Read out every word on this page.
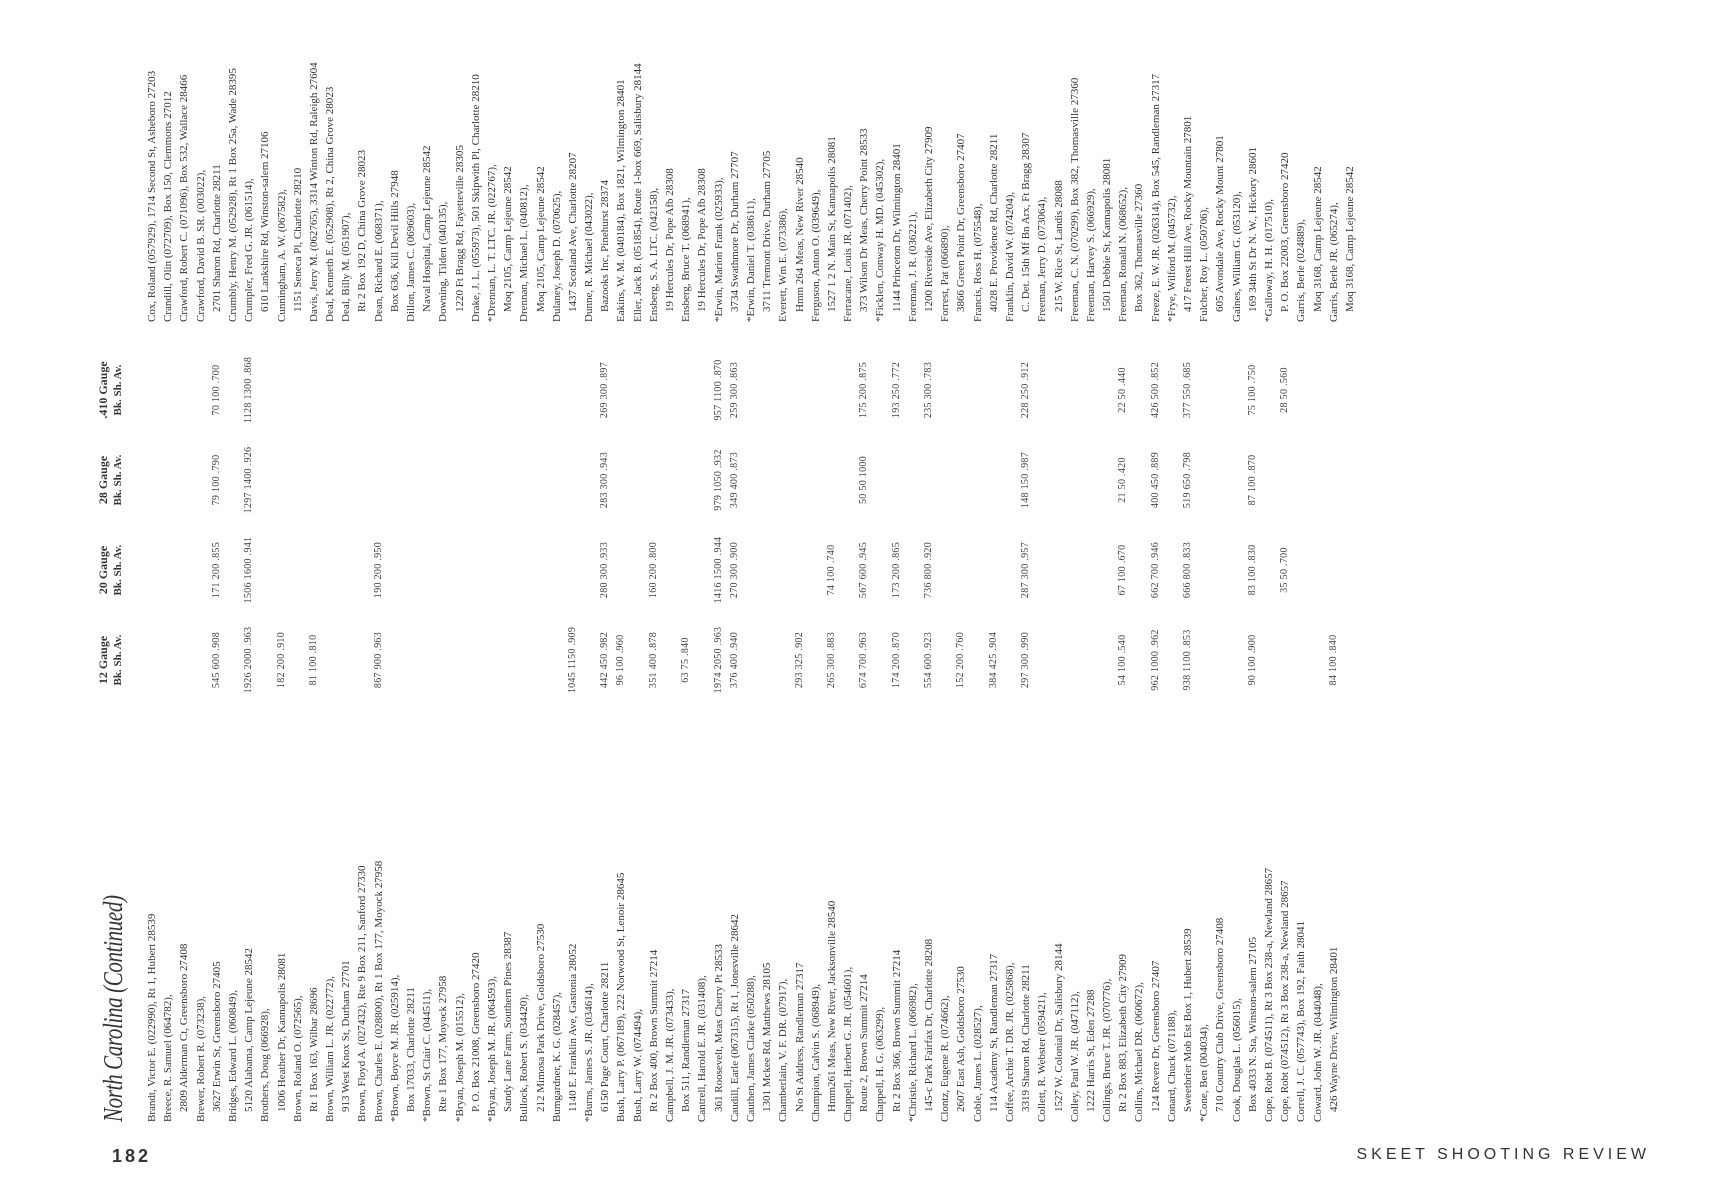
North Carolina (Continued)
12 Gauge Bk. Sh. Av.
20 Gauge Bk. Sh. Av.
28 Gauge Bk. Sh. Av.
.410 Gauge Bk. Sh. Av.
Brandt, Victor E. (022990), Rt 1, Hubert 28539 Breece, R. Samuel (064782), 2809 Alderman Ct, Greensboro 27408 Brewer, Robert R. (073238), 3627 Erwin St, Greensboro 27405
545 600 .908
171 200 .855
79 100 .790
70 100 .700
Bridges, Edward L. (060849), 5120 Alabama, Camp Lejeune 28542
1926 2000 .963
1506 1600 .941
1297 1400 .926
1128 1300 .868
Brothers, Doug (066928), 1006 Heather Dr, Kannapolis 28081
182 200 .910
Brown, Roland O. (072565), Rt 1 Box 163, Wilbar 28696
81 100 .810
Brown, William L. JR. (022772), 913 West Knox St, Durham 27701 Brown, Floyd A. (027432), Rte 9 Box 211, Sanford 27330 Brown, Charles E. (028800), Rt 1 Box 177, Moyock 27958
867 900 .963
190 200 .950
*Brown, Boyce M. JR. (025914), Box 17033, Charlotte 28211 *Brown, St Clair C. (044511), Rte 1 Box 177, Moyock 27958 *Bryan, Joseph M. (015512), P. O. Box 21008, Greensboro 27420 *Bryan, Joseph M. JR. (064593), Sandy Lane Farm, Southern Pines 28387 Bullock, Robert S. (034420), 212 Mimosa Park Drive, Goldsboro 27530 Bumgardner, K. G. (028457), 1140 E. Franklin Ave, Gastonia 28052
1045 1150 .909
*Burns, James S. JR. (034614), 6150 Page Court, Charlotte 28211
442 450 .982
280 300 .933
283 300 .943
269 300 .897
Bush, Larry P. (067189), 222 Norwood St, Lenoir 28645
96 100 .960
Bush, Larry W. (074494), Rt 2 Box 400, Brown Summit 27214
351 400 .878
160 200 .800
Campbell, J. M. JR. (073433), Box 511, Randleman 27317
63 75 .840
Cantrell, Harold E. JR. (031408), 361 Roosevelt, Meas Cherry Pt 28533
1974 2050 .963
1416 1500 .944
979 1050 .932
957 1100 .870
Caudill, Earle (067315), Rt 1, Jonesville 28642
376 400 .940
270 300 .900
349 400 .873
259 300 .863
Cauthen, James Clarke (050288), 1301 Mckee Rd, Matthews 28105 Chamberlain, V. F. DR. (07917), No St Address, Randleman 27317
293 325 .902
Champion, Calvin S. (068949), Hmm261 Meas, New River, Jacksonville 28540
265 300 .883
74 100 .740
Chappell, Herbert G. JR. (054601), Route 2, Brown Summit 27214
674 700 .963
567 600 .945
50 50 1000
175 200 .875
Chappell, H. G. (063299), Rt 2 Box 366, Brown Summit 27214
174 200 .870
173 200 .865
193 250 .772
*Christie, Richard L. (066982), 145-c Park Fairfax Dr, Charlotte 28208
554 600 .923
736 800 .920
235 300 .783
Clontz, Eugene R. (074662), 2607 East Ash, Goldsboro 27530
152 200 .760
Coble, James L. (028527), 114 Academy St, Randleman 27317
384 425 .904
Coffee, Archie T. DR. JR. (025868), 3319 Sharon Rd, Charlotte 28211
297 300 .990
287 300 .957
148 150 .987
228 250 .912
Collett, R. Webster (059421), 1527 W. Colonial Dr, Salisbury 28144 Colley, Paul W. JR. (047112), 1222 Harris St, Eden 27288 Collings, Bruce T. JR. (070776), Rt 2 Box 883, Elizabeth City 27909
54 100 .540
67 100 .670
21 50 .420
22 50 .440
Collins, Michael DR. (060672), 124 Revere Dr, Greensboro 27407
962 1000 .962
662 700 .946
400 450 .889
426 500 .852
Conard, Chuck (071188), Sweetbrier Mob Est Box 1, Hubert 28539
938 1100 .853
666 800 .833
519 650 .798
377 550 .685
*Cone, Ben (004034), 710 Country Club Drive, Greensboro 27408 Cook, Douglas L. (056015), Box 4033 N. Sta, Winston-salem 27105
90 100 .900
83 100 .830
87 100 .870
75 100 .750
Cope, Robt B. (074511), Rt 3 Box 238-a, Newland 28657 Cope, Robt (074512), Rt 3 Box 238-a, Newland 28657
35 50 .700
28 50 .560
Correll, J. C. (057743), Box 192, Faith 28041 Coward, John W. JR. (044048), 426 Wayne Drive, Wilmington 28401
84 100 .840
Cox, Roland (057929), 1714 Second St, Asheboro 27203 Crandill, Olin (072709), Box 150, Clemmons 27012 Crawford, Robert C. (071096), Box 532, Wallace 28466 Crawford, David B. SR. (003022), 2701 Sharon Rd, Charlotte 28211 Crumbly, Henry M. (052928), Rt 1 Box 25a, Wade 28395 Crumpler, Fred G. JR. (061514), 610 Lankshire Rd, Winston-salem 27106 Cunningham, A. W. (067582), 1151 Seneca Pl, Charlotte 28210 Davis, Jerry M. (062765), 3314 Winton Rd, Raleigh 27604 Deal, Kenneth E. (052908), Rt 2, China Grove 28023 Deal, Billy M. (051907), Rt 2 Box 192 D, China Grove 28023 Dean, Richard E. (068371), Box 636, Kill Devil Hills 27948 Dillon, James C. (069603), Naval Hospital, Camp Lejeune 28542 Downing, Tilden (040135), 1220 Ft Bragg Rd, Fayetteville 28305 Drake, J. L. (055973), 501 Skipwith Pl, Charlotte 28210 *Drennan, L. T. LTC. JR. (022767), Moq 2105, Camp Lejeune 28542 Drennan, Michael L. (040812), Moq 2105, Camp Lejeune 28542 Dulaney, Joseph D. (070625), 1437 Scotland Ave, Charlotte 28207 Dunne, R. Michael (043022), Bazooks Inc, Pinehurst 28374 Eakins, W. M. (040184), Box 1821, Wilmington 28401 Eller, Jack B. (051854), Route 1-box 669, Salisbury 28144 Ensberg, S. A. LTC. (042158), 19 Hercules Dr, Pope Afb 28308 Ensberg, Bruce T. (068941), 19 Hercules Dr, Pope Afb 28308 *Erwin, Marion Frank (025933), 3734 Swathmore Dr, Durham 27707 *Erwin, Daniel T. (038611), 3711 Tremont Drive, Durham 27705 Everett, Wm E. (073386), Hmm 264 Meas, New River 28540 Ferguson, Anton O. (039649), 1527 1 2 N. Main St, Kannapolis 28081 Ferracane, Louis JR. (071402), 373 Wilson Dr Meas, Cherry Point 28533 *Ficklen, Conway H. MD. (045302), 1144 Princeton Dr, Wilmington 28401 Foreman, J. R. (036221), 1200 Riverside Ave, Elizabeth City 27909 Forrest, Pat (066890), 3866 Green Point Dr, Greensboro 27407 Francis, Ross H. (075548), 4028 E. Providence Rd, Charlotte 28211 Franklin, David W. (074204), C. Det. 15th Mf Bn Arx, Ft Bragg 28307 Freeman, Jerry D. (073064), 215 W. Rice St, Landis 28088 Freeman, C. N. (070299), Box 382, Thomasville 27360 Freeman, Harvey S. (066929), 1501 Debbie St, Kannapolis 28081 Freeman, Ronald N. (068652), Box 362, Thomasville 27360 Freeze, E. W. JR. (026314), Box 545, Randleman 27317 *Frye, Wilford M. (045732), 417 Forest Hill Ave, Rocky Mountain 27801 Fulcher, Roy L. (050706), 605 Avondale Ave, Rocky Mount 27801 Gaines, William G. (053120), 169 34th St Dr N. W., Hickory 28601 *Galloway, H. H. (017510), P. O. Box 22003, Greensboro 27420 Garris, Berle (024889), Moq 3168, Camp Lejeune 28542 Garris, Berle JR. (065274), Moq 3168, Camp Lejeune 28542
182	SKEET SHOOTING REVIEW
